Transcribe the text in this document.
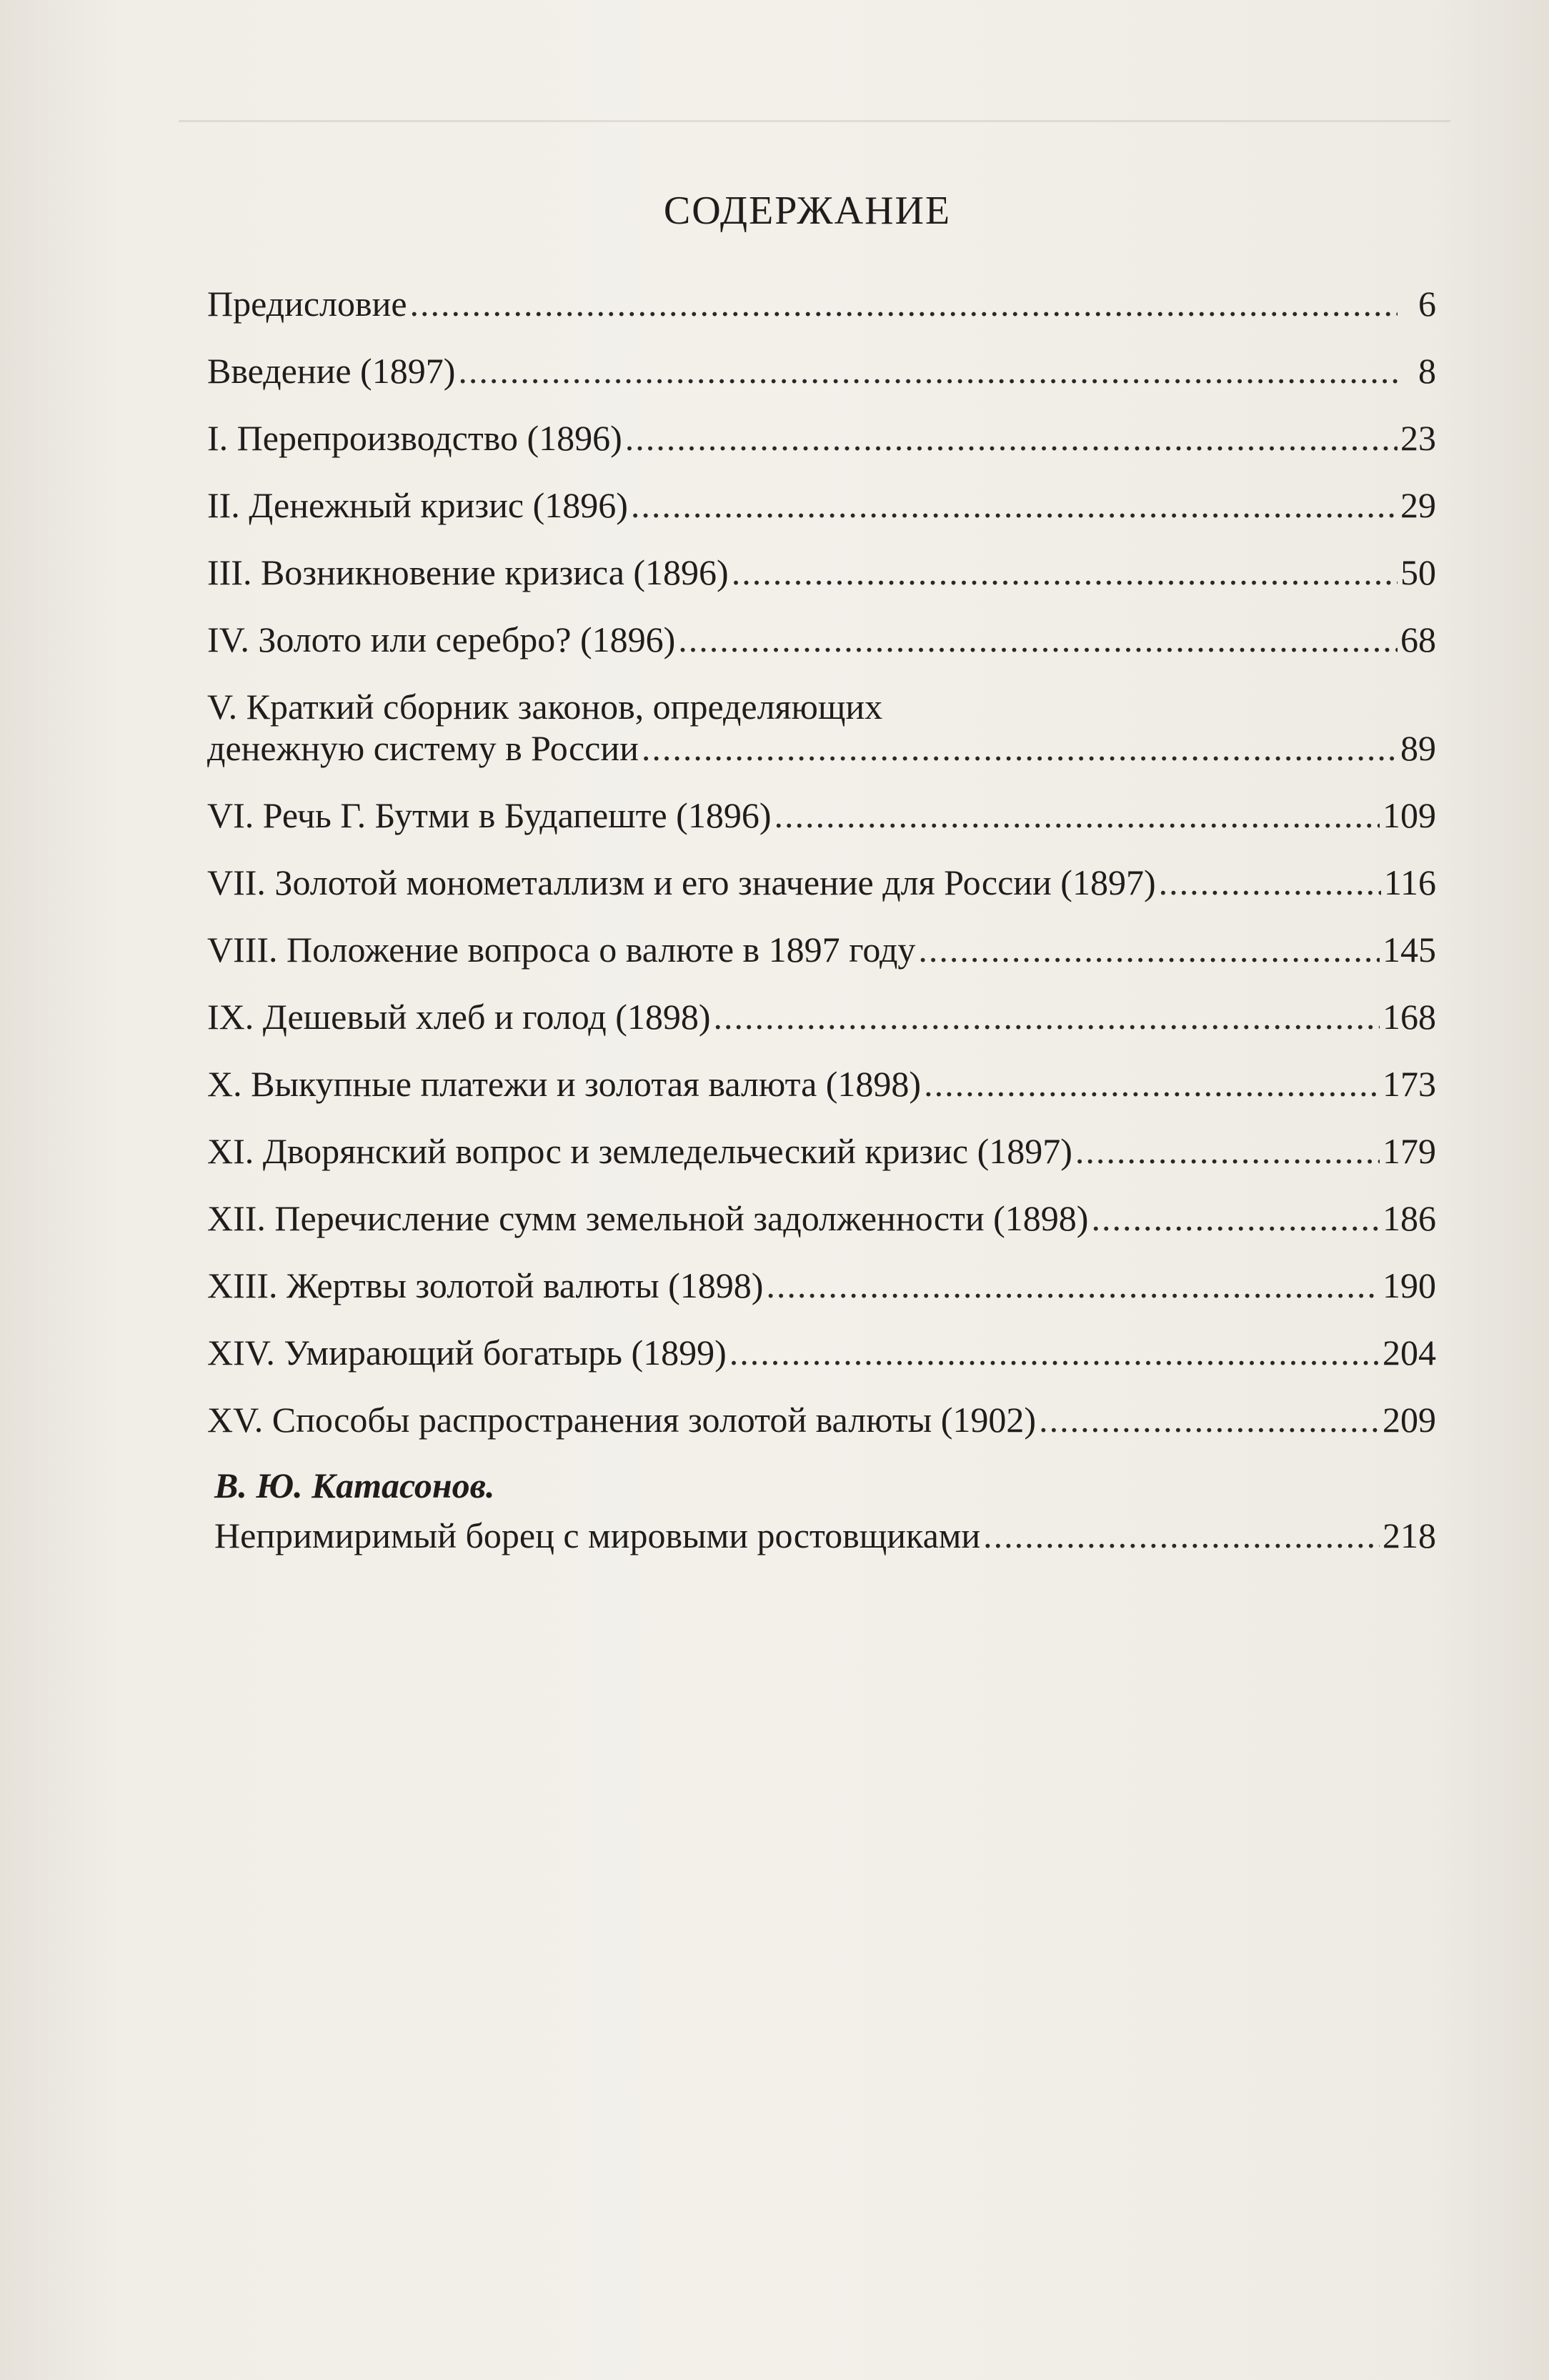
СОДЕРЖАНИЕ
Предисловие .....	6
Введение (1897) .....	8
I. Перепроизводство (1896) .....	23
II. Денежный кризис (1896) .....	29
III. Возникновение кризиса (1896) .....	50
IV. Золото или серебро? (1896) .....	68
V. Краткий сборник законов, определяющих
денежную систему в России .....	89
VI. Речь Г. Бутми в Будапеште (1896) .....	109
VII. Золотой монометаллизм и его значение для России (1897) .....	116
VIII. Положение вопроса о валюте в 1897 году .....	145
IX. Дешевый хлеб и голод (1898) .....	168
X. Выкупные платежи и золотая валюта (1898) .....	173
XI. Дворянский вопрос и земледельческий кризис (1897) .....	179
XII. Перечисление сумм земельной задолженности (1898) .....	186
XIII. Жертвы золотой валюты (1898) .....	190
XIV. Умирающий богатырь (1899) .....	204
XV. Способы распространения золотой валюты (1902) .....	209
В. Ю. Катасонов.
Непримиримый борец с мировыми ростовщиками .....	218
